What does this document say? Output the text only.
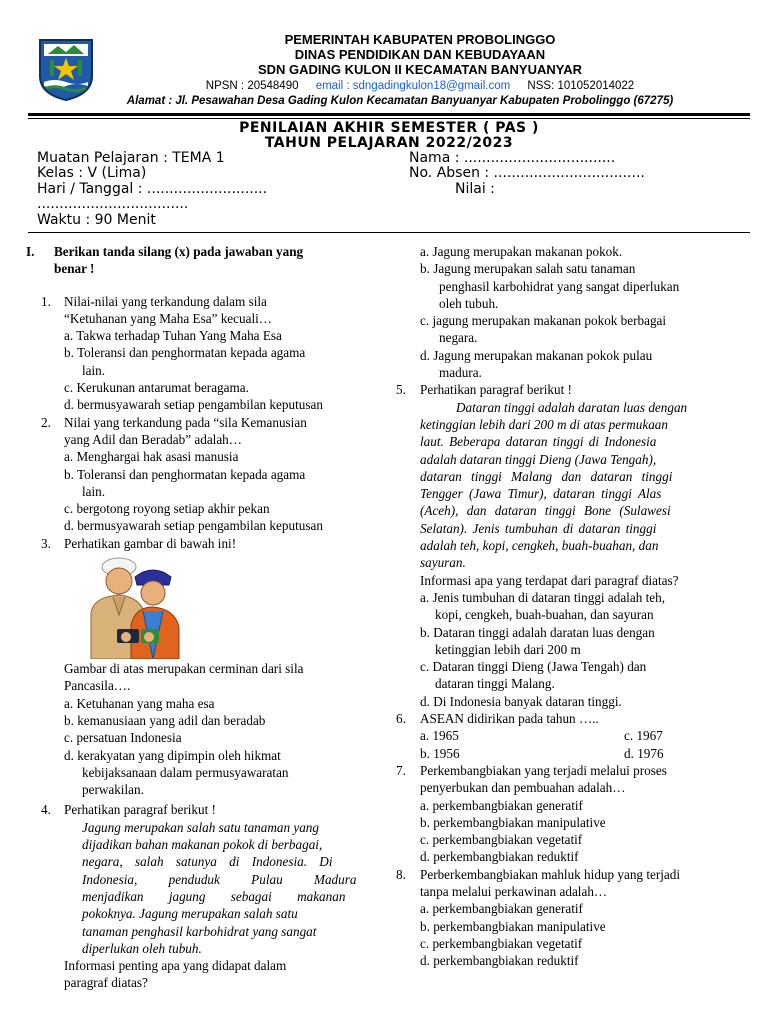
PEMERINTAH KABUPATEN PROBOLINGGO
DINAS PENDIDIKAN DAN KEBUDAYAAN
SDN GADING KULON II KECAMATAN BANYUANYAR
NPSN : 20548490 email : sdngadingkulon18@gmail.com NSS: 101052014022
Alamat : Jl. Pesawahan Desa Gading Kulon Kecamatan Banyuanyar Kabupaten Probolinggo (67275)
PENILAIAN AKHIR SEMESTER ( PAS )
TAHUN PELAJARAN 2022/2023
Muatan Pelajaran : TEMA 1
Kelas : V (Lima)
Hari / Tanggal : ...........................
..................................
Waktu : 90 Menit
Nama : ..................................
No. Absen : ..................................
Nilai :
I.	Berikan tanda silang (x) pada jawaban yang
benar !
1. Nilai-nilai yang terkandung dalam sila
“Ketuhanan yang Maha Esa” kecuali…
a. Takwa terhadap Tuhan Yang Maha Esa
b. Toleransi dan penghormatan kepada agama
lain.
c. Kerukunan antarumat beragama.
d. bermusyawarah setiap pengambilan keputusan
2. Nilai yang terkandung pada “sila Kemanusian
yang Adil dan Beradab” adalah…
a. Menghargai hak asasi manusia
b. Toleransi dan penghormatan kepada agama
lain.
c. bergotong royong setiap akhir pekan
d. bermusyawarah setiap pengambilan keputusan
3. Perhatikan gambar di bawah ini!
Gambar di atas merupakan cerminan dari sila
Pancasila….
a. Ketuhanan yang maha esa
b. kemanusiaan yang adil dan beradab
c. persatuan Indonesia
d. kerakyatan yang dipimpin oleh hikmat
kebijaksanaan dalam permusyawaratan
perwakilan.
4. Perhatikan paragraf berikut !
Jagung merupakan salah satu tanaman yang
dijadikan bahan makanan pokok di berbagai,
negara, salah satunya di Indonesia. Di
Indonesia, penduduk Pulau Madura
menjadikan jagung sebagai makanan
pokoknya. Jagung merupakan salah satu
tanaman penghasil karbohidrat yang sangat
diperlukan oleh tubuh.
Informasi penting apa yang didapat dalam
paragraf diatas?
a. Jagung merupakan makanan pokok.
b. Jagung merupakan salah satu tanaman
penghasil karbohidrat yang sangat diperlukan
oleh tubuh.
c. jagung merupakan makanan pokok berbagai
negara.
d. Jagung merupakan makanan pokok pulau
madura.
5. Perhatikan paragraf berikut !
Dataran tinggi adalah daratan luas dengan
ketinggian lebih dari 200 m di atas permukaan
laut. Beberapa dataran tinggi di Indonesia
adalah dataran tinggi Dieng (Jawa Tengah),
dataran tinggi Malang dan dataran tinggi
Tengger (Jawa Timur), dataran tinggi Alas
(Aceh), dan dataran tinggi Bone (Sulawesi
Selatan). Jenis tumbuhan di dataran tinggi
adalah teh, kopi, cengkeh, buah-buahan, dan
sayuran.
Informasi apa yang terdapat dari paragraf diatas?
a. Jenis tumbuhan di dataran tinggi adalah teh,
kopi, cengkeh, buah-buahan, dan sayuran
b. Dataran tinggi adalah daratan luas dengan
ketinggian lebih dari 200 m
c. Dataran tinggi Dieng (Jawa Tengah) dan
dataran tinggi Malang.
d. Di Indonesia banyak dataran tinggi.
6. ASEAN didirikan pada tahun …..
a. 1965	c. 1967
b. 1956	d. 1976
7. Perkembangbiakan yang terjadi melalui proses
penyerbukan dan pembuahan adalah…
a. perkembangbiakan generatif
b. perkembangbiakan manipulative
c. perkembangbiakan vegetatif
d. perkembangbiakan reduktif
8. Perberkembangbiakan mahluk hidup yang terjadi
tanpa melalui perkawinan adalah…
a. perkembangbiakan generatif
b. perkembangbiakan manipulative
c. perkembangbiakan vegetatif
d. perkembangbiakan reduktif
